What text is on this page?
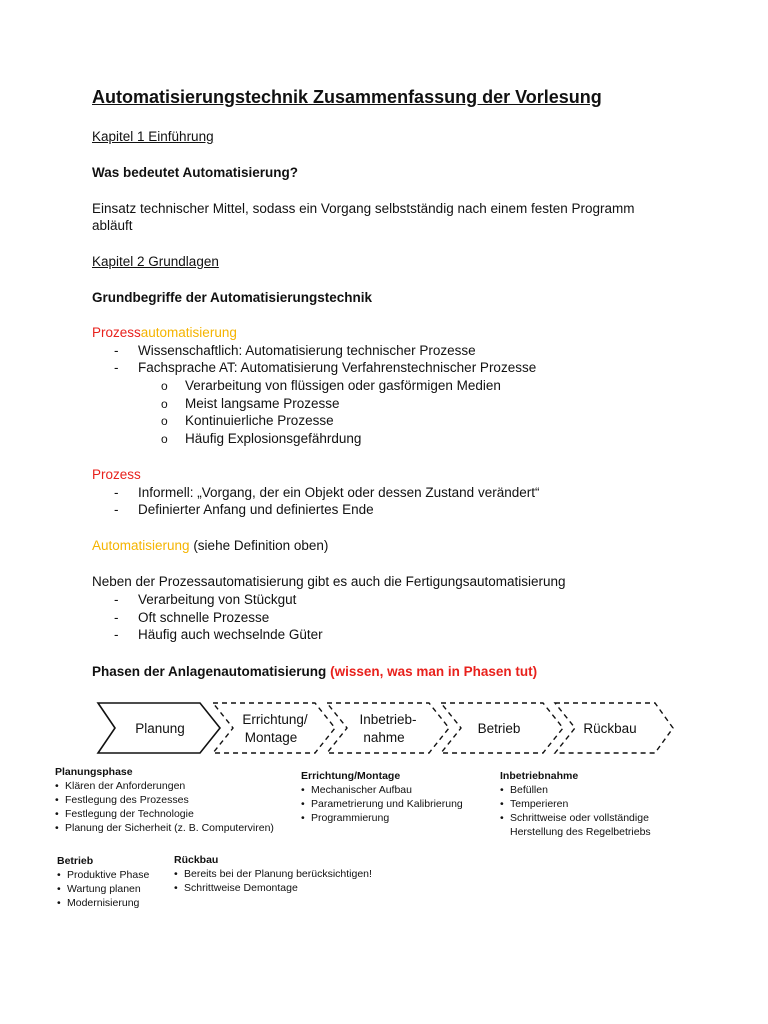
Automatisierungstechnik Zusammenfassung der Vorlesung
Kapitel 1 Einführung
Was bedeutet Automatisierung?
Einsatz technischer Mittel, sodass ein Vorgang selbstständig nach einem festen Programm
abläuft
Kapitel 2 Grundlagen
Grundbegriffe der Automatisierungstechnik
Prozessautomatisierung
- Wissenschaftlich: Automatisierung technischer Prozesse
- Fachsprache AT: Automatisierung Verfahrenstechnischer Prozesse
o Verarbeitung von flüssigen oder gasförmigen Medien
o Meist langsame Prozesse
o Kontinuierliche Prozesse
o Häufig Explosionsgefährdung
Prozess
- Informell: „Vorgang, der ein Objekt oder dessen Zustand verändert“
- Definierter Anfang und definiertes Ende
Automatisierung (siehe Definition oben)
Neben der Prozessautomatisierung gibt es auch die Fertigungsautomatisierung
- Verarbeitung von Stückgut
- Oft schnelle Prozesse
- Häufig auch wechselnde Güter
Phasen der Anlagenautomatisierung (wissen, was man in Phasen tut)
Planung
Errichtung/
Montage
Inbetrieb-
nahme
Betrieb	Rückbau
Planungsphase
• Klären der Anforderungen
• Festlegung des Prozesses
• Festlegung der Technologie
• Planung der Sicherheit (z. B. Computerviren)
Errichtung/Montage
• Mechanischer Aufbau
• Parametrierung und Kalibrierung
• Programmierung
Inbetriebnahme
• Befüllen
• Temperieren
• Schrittweise oder vollständige
Herstellung des Regelbetriebs
Betrieb
• Produktive Phase
• Wartung planen
• Modernisierung
Rückbau
• Bereits bei der Planung berücksichtigen!
• Schrittweise Demontage
